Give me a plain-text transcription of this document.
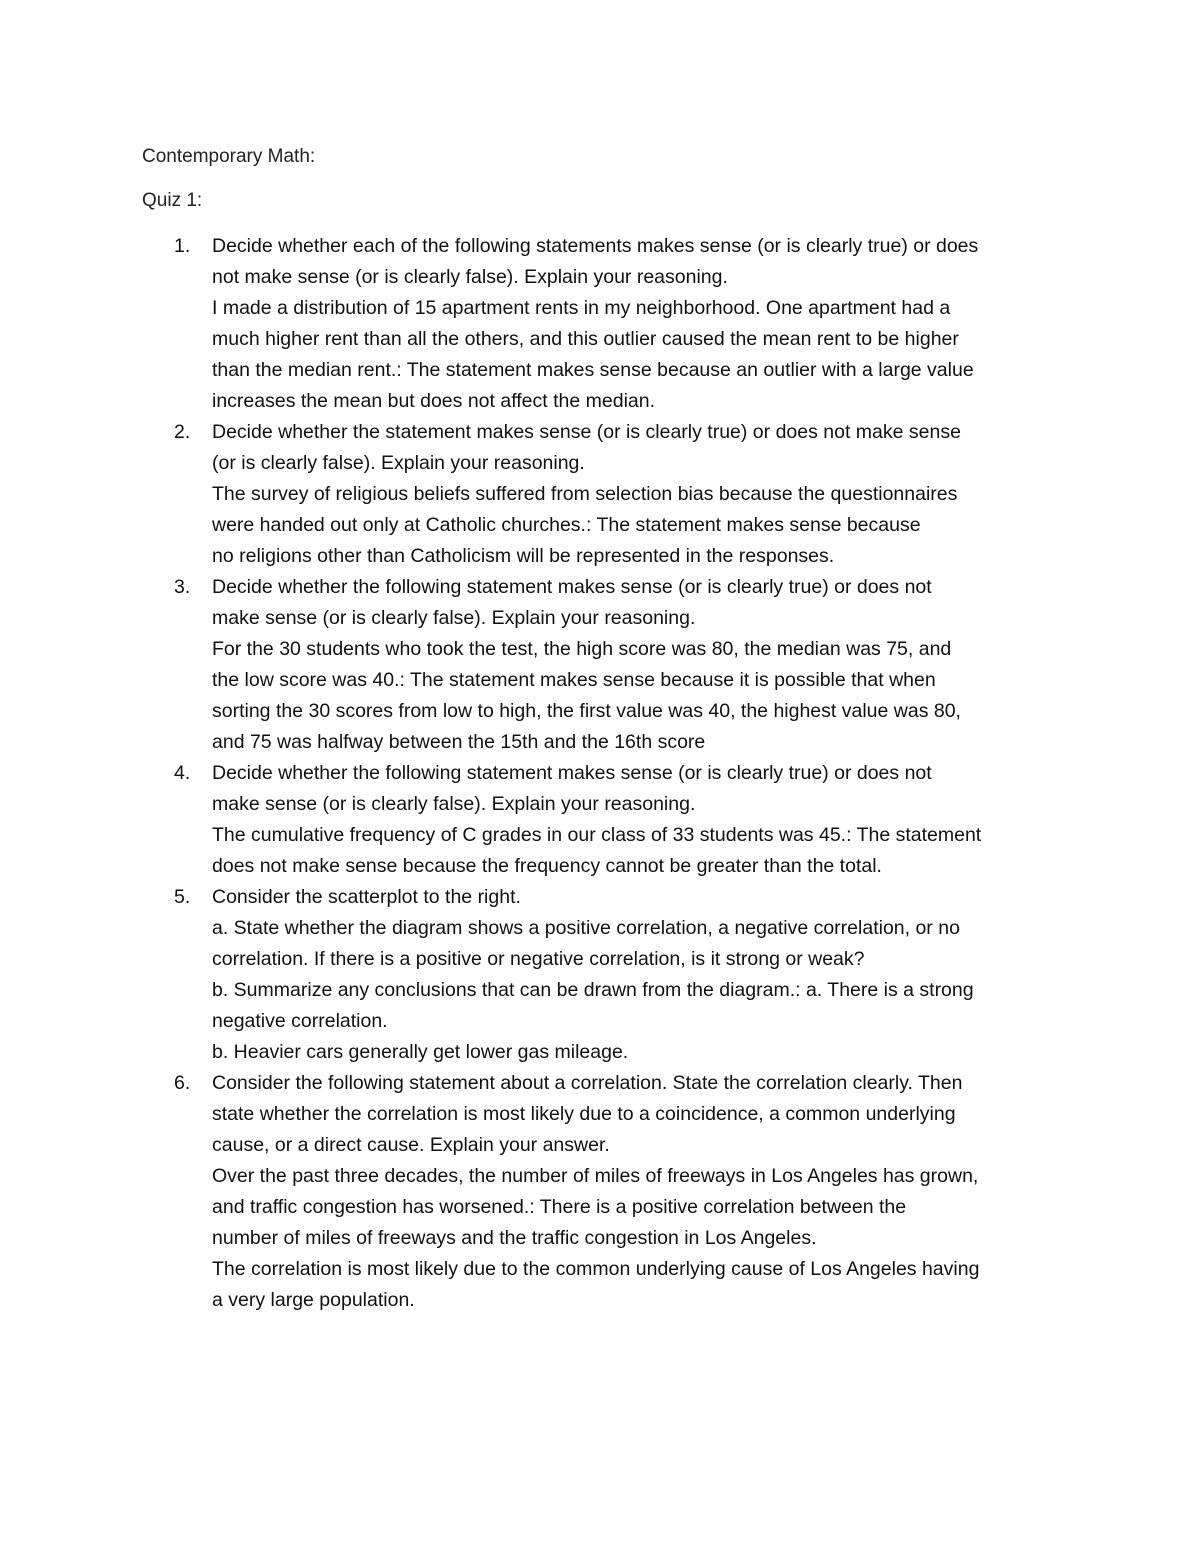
Contemporary Math:
Quiz 1:
1. Decide whether each of the following statements makes sense (or is clearly true) or does
not make sense (or is clearly false). Explain your reasoning.
I made a distribution of 15 apartment rents in my neighborhood. One apartment had a
much higher rent than all the others, and this outlier caused the mean rent to be higher
than the median rent.: The statement makes sense because an outlier with a large value
increases the mean but does not affect the median.
2. Decide whether the statement makes sense (or is clearly true) or does not make sense
(or is clearly false). Explain your reasoning.
The survey of religious beliefs suffered from selection bias because the questionnaires
were handed out only at Catholic churches.: The statement makes sense because
no religions other than Catholicism will be represented in the responses.
3. Decide whether the following statement makes sense (or is clearly true) or does not
make sense (or is clearly false). Explain your reasoning.
For the 30 students who took the test, the high score was 80, the median was 75, and
the low score was 40.: The statement makes sense because it is possible that when
sorting the 30 scores from low to high, the first value was 40, the highest value was 80,
and 75 was halfway between the 15th and the 16th score
4. Decide whether the following statement makes sense (or is clearly true) or does not
make sense (or is clearly false). Explain your reasoning.
The cumulative frequency of C grades in our class of 33 students was 45.: The statement
does not make sense because the frequency cannot be greater than the total.
5. Consider the scatterplot to the right.
a. State whether the diagram shows a positive correlation, a negative correlation, or no
correlation. If there is a positive or negative correlation, is it strong or weak?
b. Summarize any conclusions that can be drawn from the diagram.: a. There is a strong
negative correlation.
b. Heavier cars generally get lower gas mileage.
6. Consider the following statement about a correlation. State the correlation clearly. Then
state whether the correlation is most likely due to a coincidence, a common underlying
cause, or a direct cause. Explain your answer.
Over the past three decades, the number of miles of freeways in Los Angeles has grown,
and traffic congestion has worsened.: There is a positive correlation between the
number of miles of freeways and the traffic congestion in Los Angeles.
The correlation is most likely due to the common underlying cause of Los Angeles having
a very large population.
